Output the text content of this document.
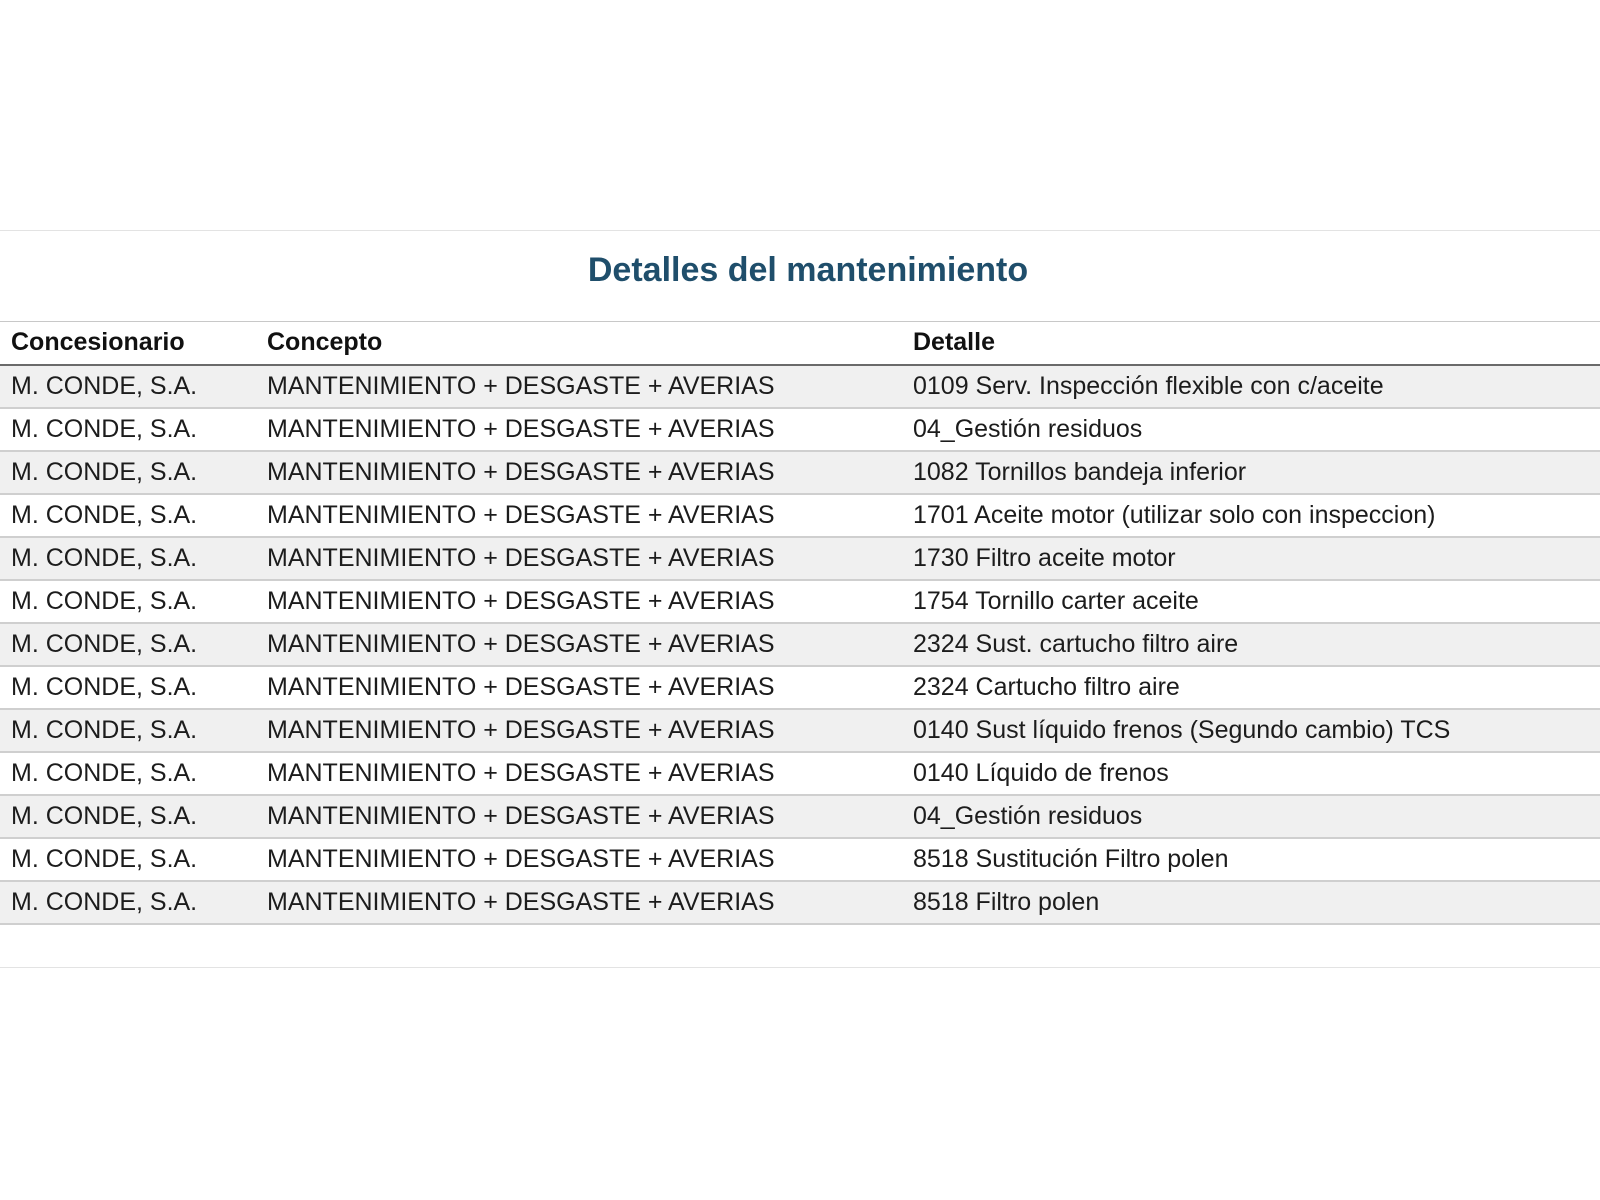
Detalles del mantenimiento
Concesionario	Concepto	Detalle
M. CONDE, S.A.	MANTENIMIENTO + DESGASTE + AVERIAS	0109 Serv. Inspección flexible con c/aceite
M. CONDE, S.A.	MANTENIMIENTO + DESGASTE + AVERIAS	04_Gestión residuos
M. CONDE, S.A.	MANTENIMIENTO + DESGASTE + AVERIAS	1082 Tornillos bandeja inferior
M. CONDE, S.A.	MANTENIMIENTO + DESGASTE + AVERIAS	1701 Aceite motor (utilizar solo con inspeccion)
M. CONDE, S.A.	MANTENIMIENTO + DESGASTE + AVERIAS	1730 Filtro aceite motor
M. CONDE, S.A.	MANTENIMIENTO + DESGASTE + AVERIAS	1754 Tornillo carter aceite
M. CONDE, S.A.	MANTENIMIENTO + DESGASTE + AVERIAS	2324 Sust. cartucho filtro aire
M. CONDE, S.A.	MANTENIMIENTO + DESGASTE + AVERIAS	2324 Cartucho filtro aire
M. CONDE, S.A.	MANTENIMIENTO + DESGASTE + AVERIAS	0140 Sust líquido frenos (Segundo cambio) TCS
M. CONDE, S.A.	MANTENIMIENTO + DESGASTE + AVERIAS	0140 Líquido de frenos
M. CONDE, S.A.	MANTENIMIENTO + DESGASTE + AVERIAS	04_Gestión residuos
M. CONDE, S.A.	MANTENIMIENTO + DESGASTE + AVERIAS	8518 Sustitución Filtro polen
M. CONDE, S.A.	MANTENIMIENTO + DESGASTE + AVERIAS	8518 Filtro polen
